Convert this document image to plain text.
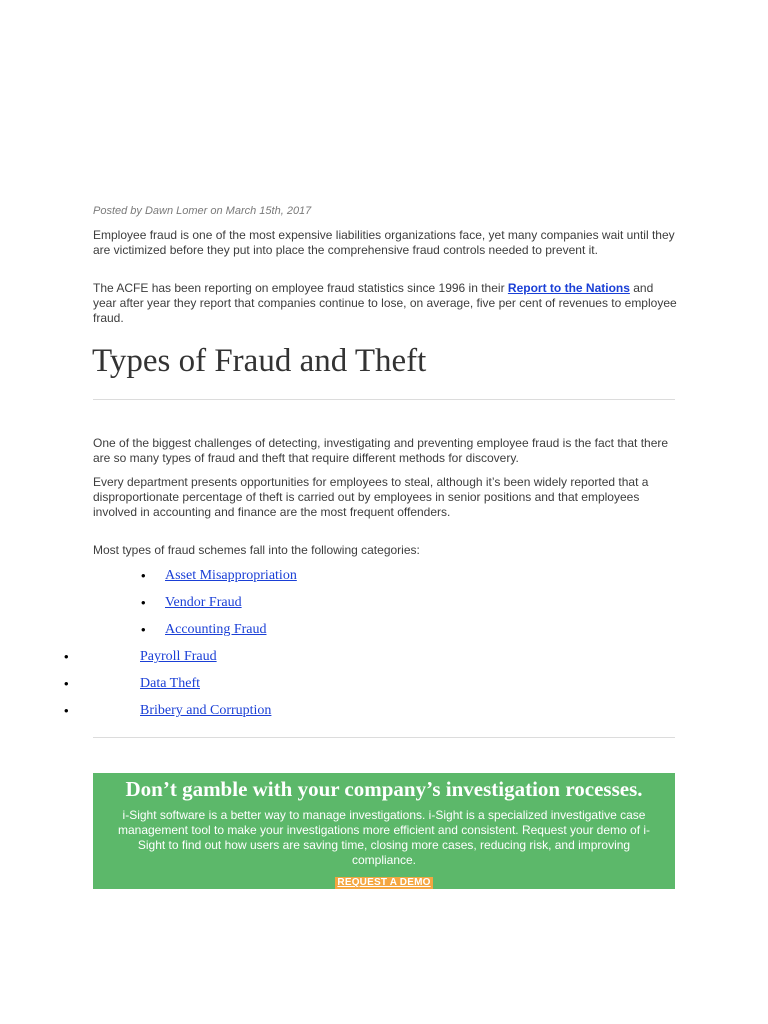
Posted by Dawn Lomer on March 15th, 2017

Employee fraud is one of the most expensive liabilities organizations face, yet many companies wait until they are victimized before they put into place the comprehensive fraud controls needed to prevent it.

The ACFE has been reporting on employee fraud statistics since 1996 in their Report to the Nations and year after year they report that companies continue to lose, on average, five per cent of revenues to employee fraud.

Types of Fraud and Theft

One of the biggest challenges of detecting, investigating and preventing employee fraud is the fact that there are so many types of fraud and theft that require different methods for discovery.

Every department presents opportunities for employees to steal, although it’s been widely reported that a disproportionate percentage of theft is carried out by employees in senior positions and that employees involved in accounting and finance are the most frequent offenders.

Most types of fraud schemes fall into the following categories:

• Asset Misappropriation
• Vendor Fraud
• Accounting Fraud
•	Payroll Fraud
•	Data Theft
•	Bribery and Corruption
Don’t gamble with your company’s investigation rocesses.

i-Sight software is a better way to manage investigations. i-Sight is a specialized investigative case management tool to make your investigations more efficient and consistent. Request your demo of i-Sight to find out how users are saving time, closing more cases, reducing risk, and improving compliance.

REQUEST A DEMO
